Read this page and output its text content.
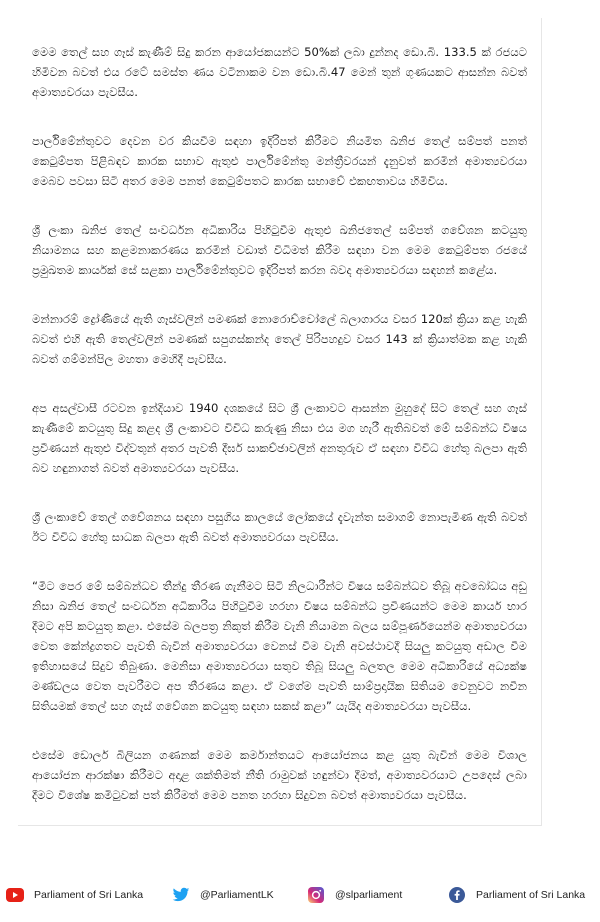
මෙම තෙල් සහ ගෑස් කැණීම් සිදු කරන ආයෝජකයන්ට 50%ක් ලබා දුන්නද ඩො.බි. 133.5 ක් රජයට හිමිවන බවත් එය රටේ සමස්ත ණය වටිනාකම වන ඩො.බි.47 මෙන් තුන් ගුණයකට ආසන්න බවත් අමාත්‍යවරයා පැවසීය.

පාර්ලිමේන්තුවට දෙවන වර කියවීම සඳහා ඉදිරිපත් කිරීමට නියමිත ඛනිජ තෙල් සම්පත් පනත් කෙටුම්පත පිළිබඳව කාරක සභාව ඇතුළු පාර්ලිමේන්තු මන්ත්‍රීවරයන් දැනුවත් කරමින් අමාත්‍යවරයා මෙබව පවසා සිටි අතර මෙම පනත් කෙටුම්පතට කාරක සභාවේ එකඟතාවය හිමිවිය.

ශ්‍රී ලංකා ඛනිජ තෙල් සංවර්ධන අධිකාරිය පිහිටුවීම ඇතුළු ඛනිජතෙල් සම්පත් ගවේශන කටයුතු නියාමනය සහ කළමනාකරණය කරමින් වඩාත් විධිමත් කිරීම සඳහා වන මෙම කෙටුම්පත රජයේ ප්‍රමුඛතම කාර්යක් සේ සළකා පාර්ලිමේන්තුවට ඉදිරිපත් කරන බවද අමාත්‍යවරයා සඳහන් කළේය.

මන්නාරම් ද්‍රෝණියේ ඇති ගෑස්වලින් පමණක් නොරොච්චෝලේ බලාගාරය වසර 120ක් ක්‍රියා කළ හැකි බවත් එහි ඇති තෙල්වලින් පමණක් සපුගස්කන්ද තෙල් පිරිපහදුව වසර 143 ක් ක්‍රියාත්මක කළ හැකි බවත් ගම්මන්පිල මහතා මෙහිදී පැවසීය.

අප අසල්වාසී රටවන ඉන්දියාව 1940 දශකයේ සිට ශ්‍රී ලංකාවට ආසන්න මුහුදේ සිට තෙල් සහ ගෑස් කැණීමේ කටයුතු සිදු කළද ශ්‍රී ලංකාවට විවිධ කරුණු නිසා එය මග හැරී ඇතිබවත් මේ සම්බන්ධ විෂය ප්‍රවීණයන් ඇතුළු විද්වතුන් අතර පැවති දීර්ඝ සාකච්ඡාවලින් අනතුරුව ඒ සඳහා විවිධ හේතු බලපා ඇති බව හඳුනාගත් බවත් අමාත්‍යවරයා පැවසීය.

ශ්‍රී ලංකාවේ තෙල් ගවේශනය සඳහා පසුගිය කාලයේ ලෝකයේ දැවැන්ත සමාගම් නොපැමිණ ඇති බවත් ඊට විවිධ හේතු සාධක බලපා ඇති බවත් අමාත්‍යවරයා පැවසීය.

“මීට පෙර මේ සම්බන්ධව තීන්දු තීරණ ගැනීමට සිටි නිලධාරීන්ට විෂය සම්බන්ධව තිබූ අවබෝධය අඩු නිසා ඛනිජ තෙල් සංවර්ධන අධිකාරිය පිහිටුවීම හරහා විෂය සම්බන්ධ ප්‍රවීණයන්ට මෙම කාර්ය භාර දීමට අපි කටයුතු කළා. එසේම බලපත්‍ර නිකුත් කිරීම වැනි නියාමන බලය සම්පූර්ණයෙන්ම අමාත්‍යවරයා වෙත කේන්ද්‍රගතව පැවති බැවින් අමාත්‍යවරයා වෙනස් වීම වැනි අවස්ථාවදී සියලු කටයුතු අඩාල වීම ඉතිහාසයේ සිදුව තිබුණා. මෙනිසා අමාත්‍යවරයා සතුව තිබූ සියලු බලතල මෙම අධිකාරියේ අධ්‍යක්ෂ මණ්ඩලය වෙත පැවරීමට අප තීරණය කළා. ඒ වගේම පැවති සාම්ප්‍රදායික සිතියම වෙනුවට නවීන සිතියමක් තෙල් සහ ගෑස් ගවේශන කටයුතු සඳහා සකස් කළා” යැයිද අමාත්‍යවරයා පැවසීය.

එසේම ඩොලර් බිලියන ගණනක් මෙම කර්මාන්තයට ආයෝජනය කළ යුතු බැවින් මෙම විශාල ආයෝජන ආරක්ෂා කිරීමට අදාළ ශක්තිමත් නීති රාමුවක් හඳුන්වා දීමත්, අමාත්‍යවරයාට උපදෙස් ලබා දීමට විශේෂ කමිටුවක් පත් කිරීමත් මෙම පනත හරහා සිදුවන බවත් අමාත්‍යවරයා පැවසීය.

Parliament of Sri Lanka	@ParliamentLK	@slparliament	Parliament of Sri Lanka
